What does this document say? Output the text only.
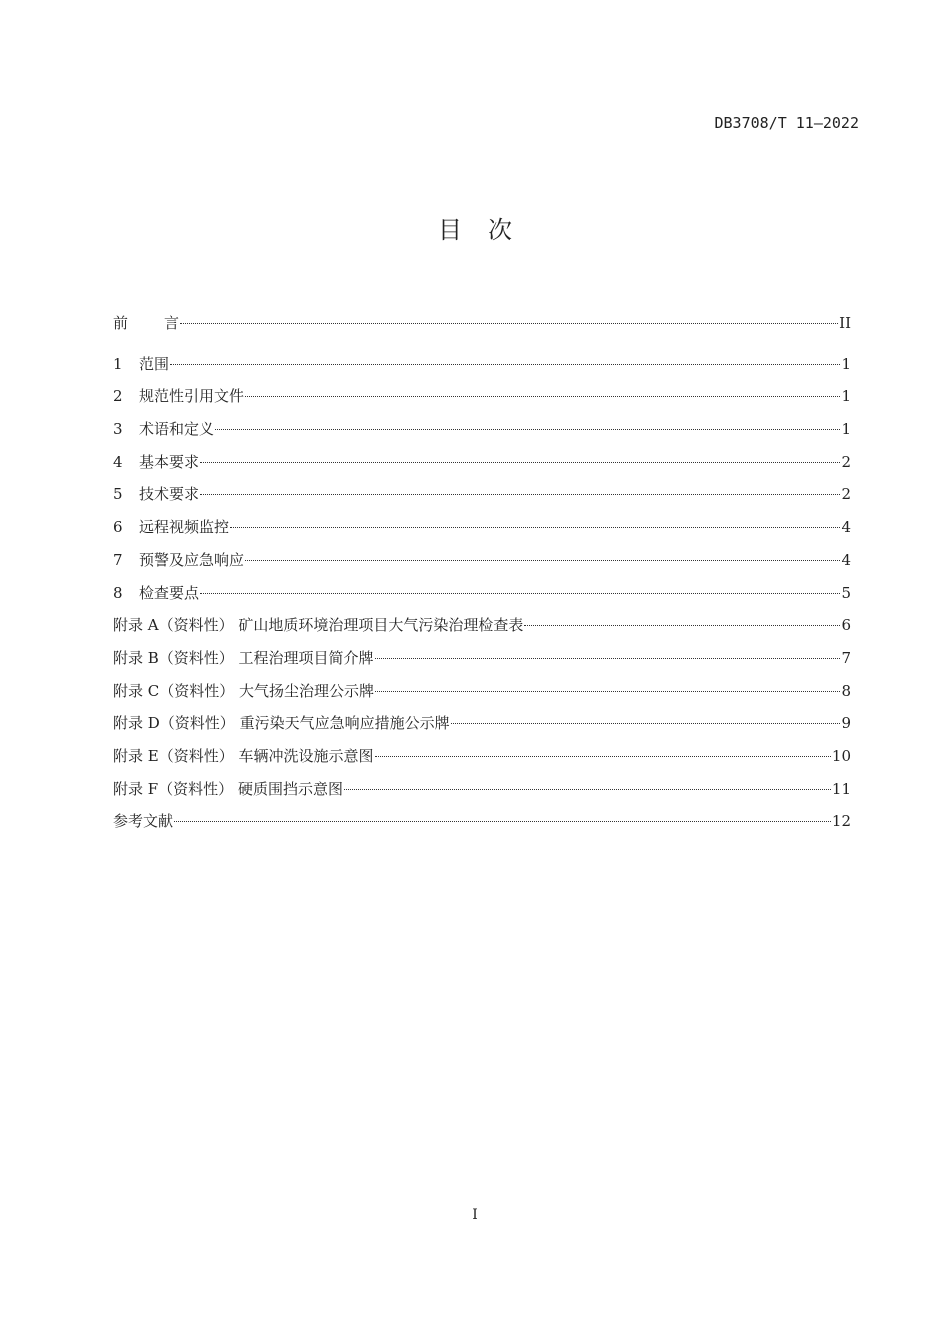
DB3708/T 11—2022
目次
前 言	II
1	范围	1
2	规范性引用文件	1
3	术语和定义	1
4	基本要求	2
5	技术要求	2
6	远程视频监控	4
7	预警及应急响应	4
8	检查要点	5
附录 A（资料性） 矿山地质环境治理项目大气污染治理检查表	6
附录 B（资料性） 工程治理项目简介牌	7
附录 C（资料性） 大气扬尘治理公示牌	8
附录 D（资料性） 重污染天气应急响应措施公示牌	9
附录 E（资料性） 车辆冲洗设施示意图	10
附录 F（资料性） 硬质围挡示意图	11
参考文献	12
I
